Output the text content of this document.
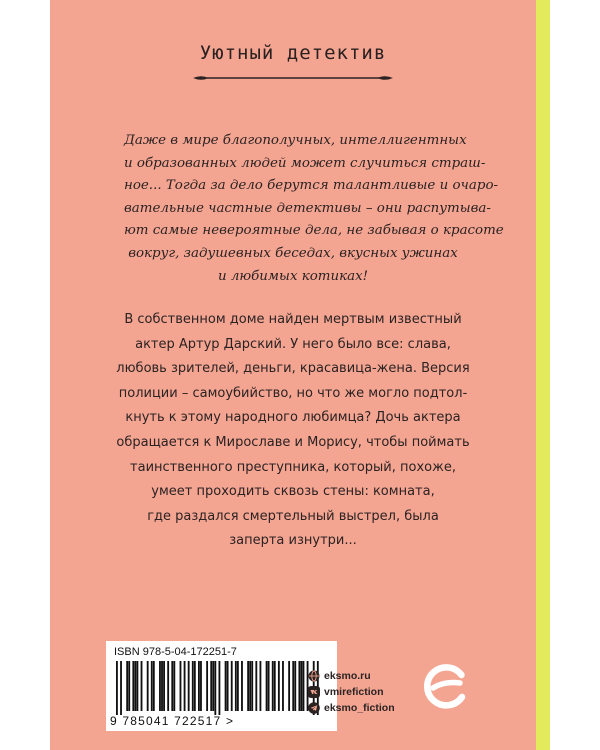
Уютный детектив
Даже в мире благополучных, интеллигентных
и образованных людей может случиться страш-
ное... Тогда за дело берутся талантливые и очаро-
вательные частные детективы – они распутыва-
ют самые невероятные дела, не забывая о красоте
вокруг, задушевных беседах, вкусных ужинах
и любимых котиках!
В собственном доме найден мертвым известный
актер Артур Дарский. У него было все: слава,
любовь зрителей, деньги, красавица-жена. Версия
полиции – самоубийство, но что же могло подтол-
кнуть к этому народного любимца? Дочь актера
обращается к Мирославе и Морису, чтобы поймать
таинственного преступника, который, похоже,
умеет проходить сквозь стены: комната,
где раздался смертельный выстрел, была
заперта изнутри...
ISBN 978-5-04-172251-7
9 785041 722517 >
eksmo.ru
vmirefiction
eksmo_fiction
